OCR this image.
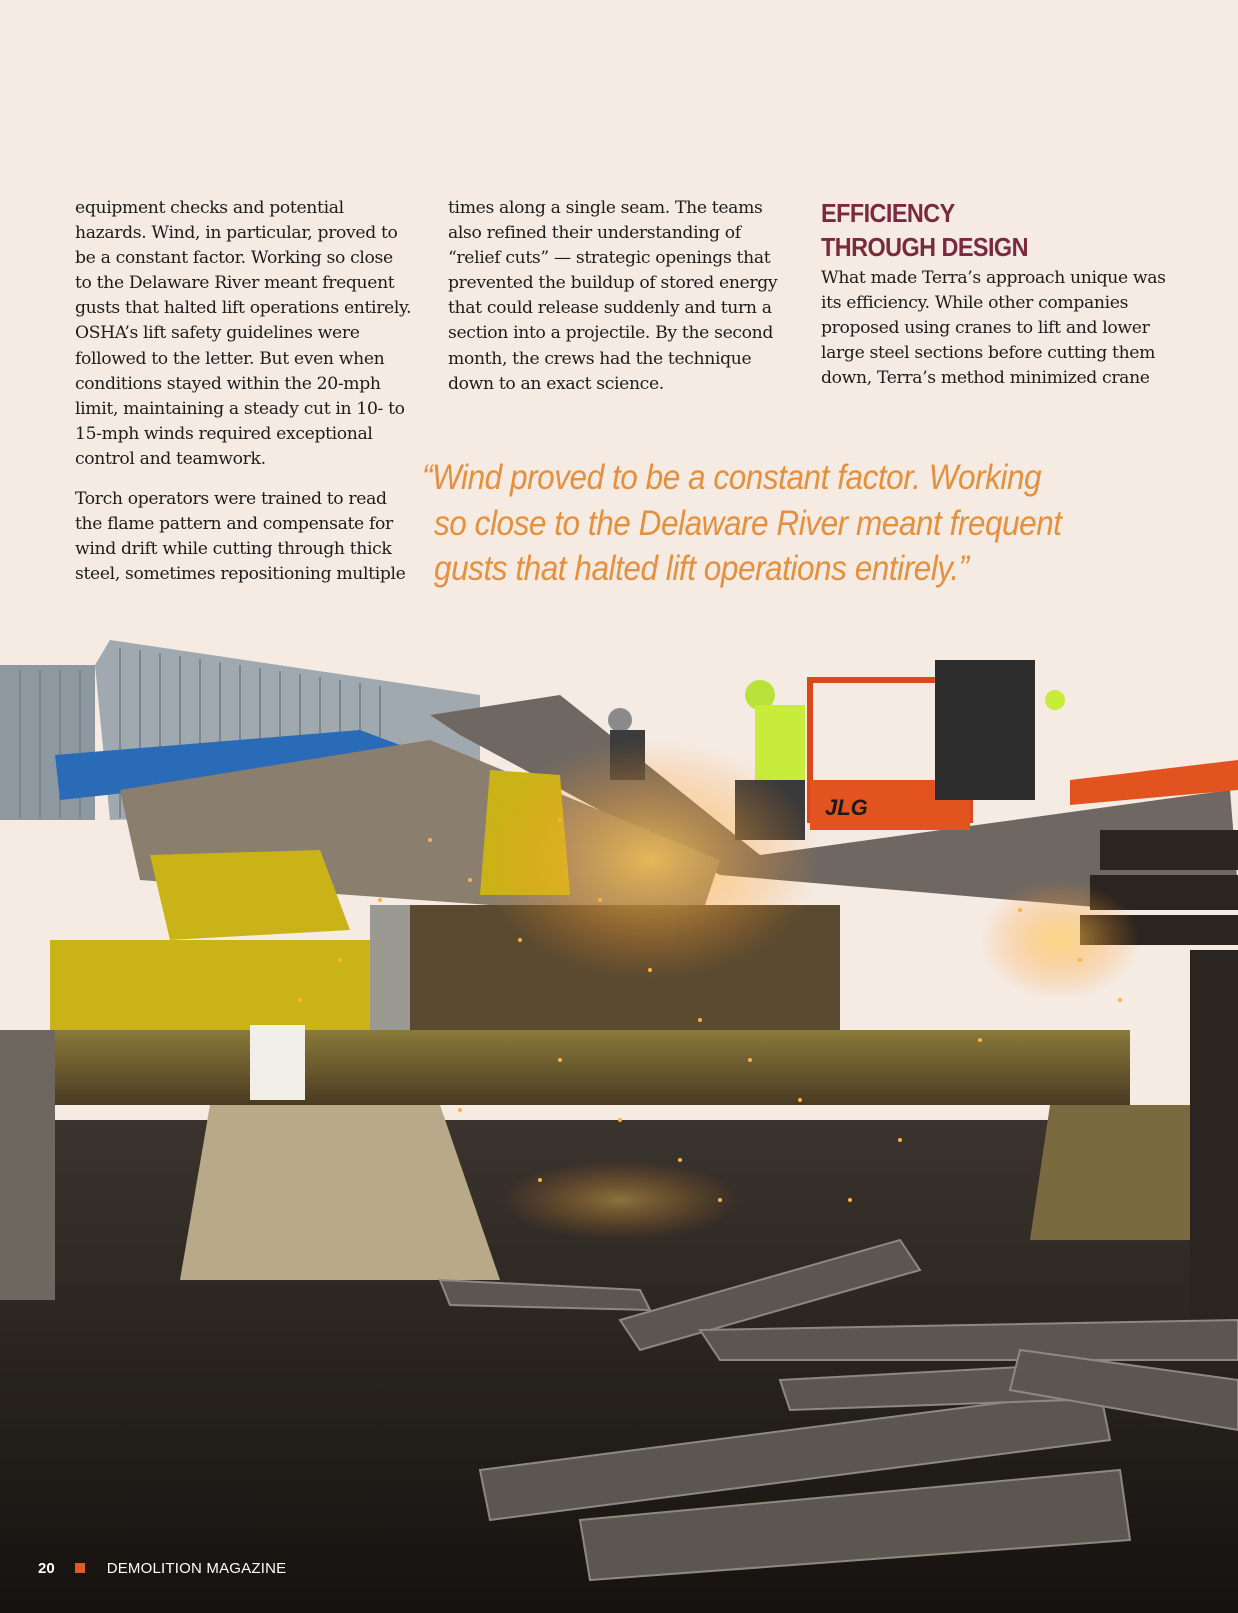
equipment checks and potential hazards. Wind, in particular, proved to be a constant factor. Working so close to the Delaware River meant frequent gusts that halted lift operations entirely. OSHA’s lift safety guidelines were followed to the letter. But even when conditions stayed within the 20-mph limit, maintaining a steady cut in 10- to 15-mph winds required exceptional control and teamwork.

Torch operators were trained to read the flame pattern and compensate for wind drift while cutting through thick steel, sometimes repositioning multiple

times along a single seam. The teams also refined their understanding of “relief cuts” — strategic openings that prevented the buildup of stored energy that could release suddenly and turn a section into a projectile. By the second month, the crews had the technique down to an exact science.

EFFICIENCY
THROUGH DESIGN

What made Terra’s approach unique was its efficiency. While other companies proposed using cranes to lift and lower large steel sections before cutting them down, Terra’s method minimized crane

“Wind proved to be a constant factor. Working
so close to the Delaware River meant frequent
gusts that halted lift operations entirely.”
JLG
20	DEMOLITION MAGAZINE
